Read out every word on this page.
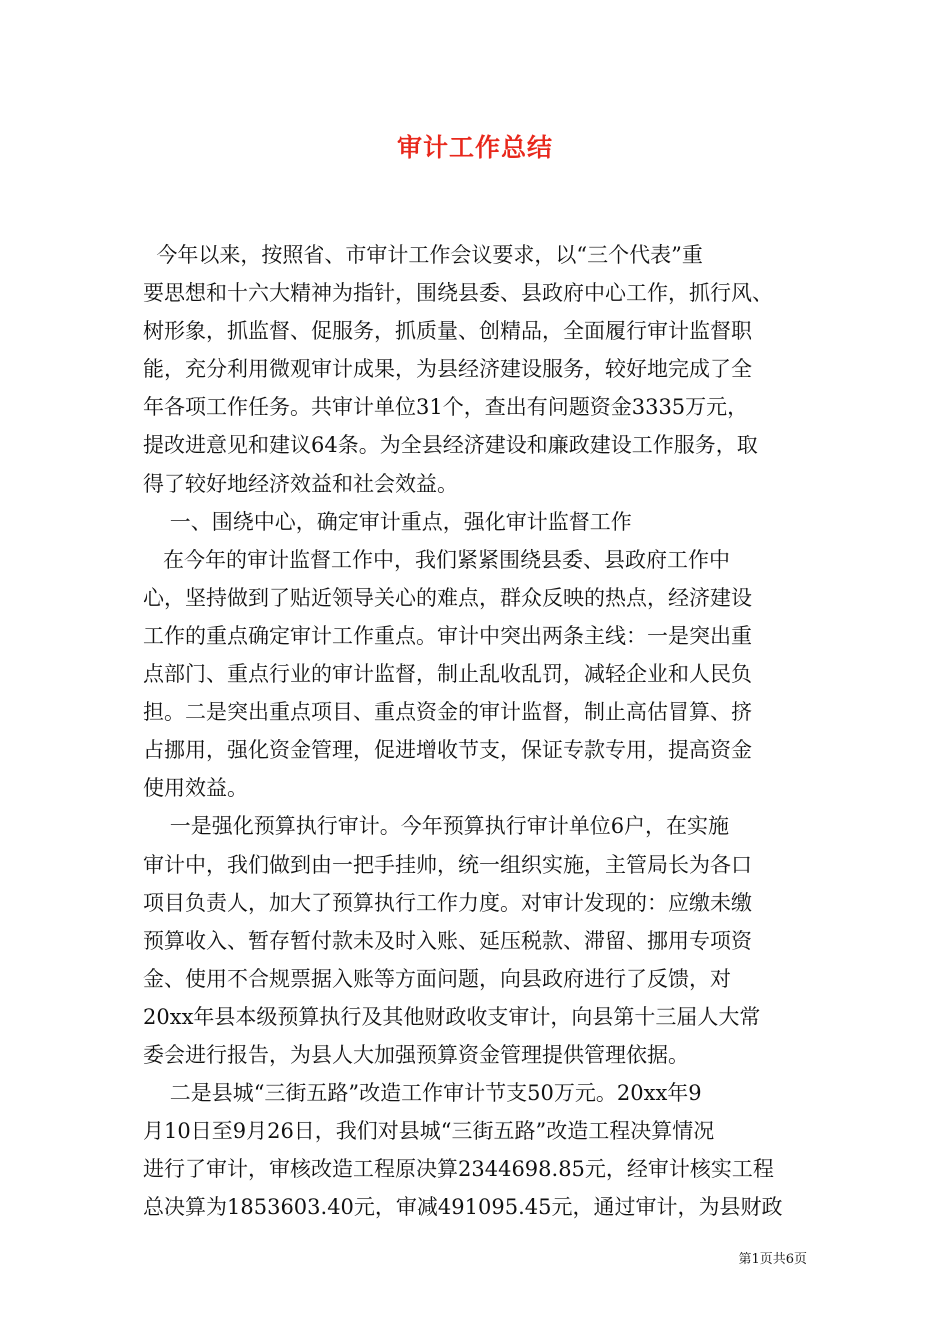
审计工作总结
今年以来，按照省、市审计工作会议要求，以“三个代表”重
要思想和十六大精神为指针，围绕县委、县政府中心工作，抓行风、
树形象，抓监督、促服务，抓质量、创精品，全面履行审计监督职
能，充分利用微观审计成果，为县经济建设服务，较好地完成了全
年各项工作任务。共审计单位31个，查出有问题资金3335万元，
提改进意见和建议64条。为全县经济建设和廉政建设工作服务，取
得了较好地经济效益和社会效益。
一、围绕中心，确定审计重点，强化审计监督工作
在今年的审计监督工作中，我们紧紧围绕县委、县政府工作中
心，坚持做到了贴近领导关心的难点，群众反映的热点，经济建设
工作的重点确定审计工作重点。审计中突出两条主线：一是突出重
点部门、重点行业的审计监督，制止乱收乱罚，减轻企业和人民负
担。二是突出重点项目、重点资金的审计监督，制止高估冒算、挤
占挪用，强化资金管理，促进增收节支，保证专款专用，提高资金
使用效益。
一是强化预算执行审计。今年预算执行审计单位6户，在实施
审计中，我们做到由一把手挂帅，统一组织实施，主管局长为各口
项目负责人，加大了预算执行工作力度。对审计发现的：应缴未缴
预算收入、暂存暂付款未及时入账、延压税款、滞留、挪用专项资
金、使用不合规票据入账等方面问题，向县政府进行了反馈，对
20xx年县本级预算执行及其他财政收支审计，向县第十三届人大常
委会进行报告，为县人大加强预算资金管理提供管理依据。
二是县城“三街五路”改造工作审计节支50万元。20xx年9
月10日至9月26日，我们对县城“三街五路”改造工程决算情况
进行了审计，审核改造工程原决算2344698.85元，经审计核实工程
总决算为1853603.40元，审减491095.45元，通过审计，为县财政
第1页共6页
